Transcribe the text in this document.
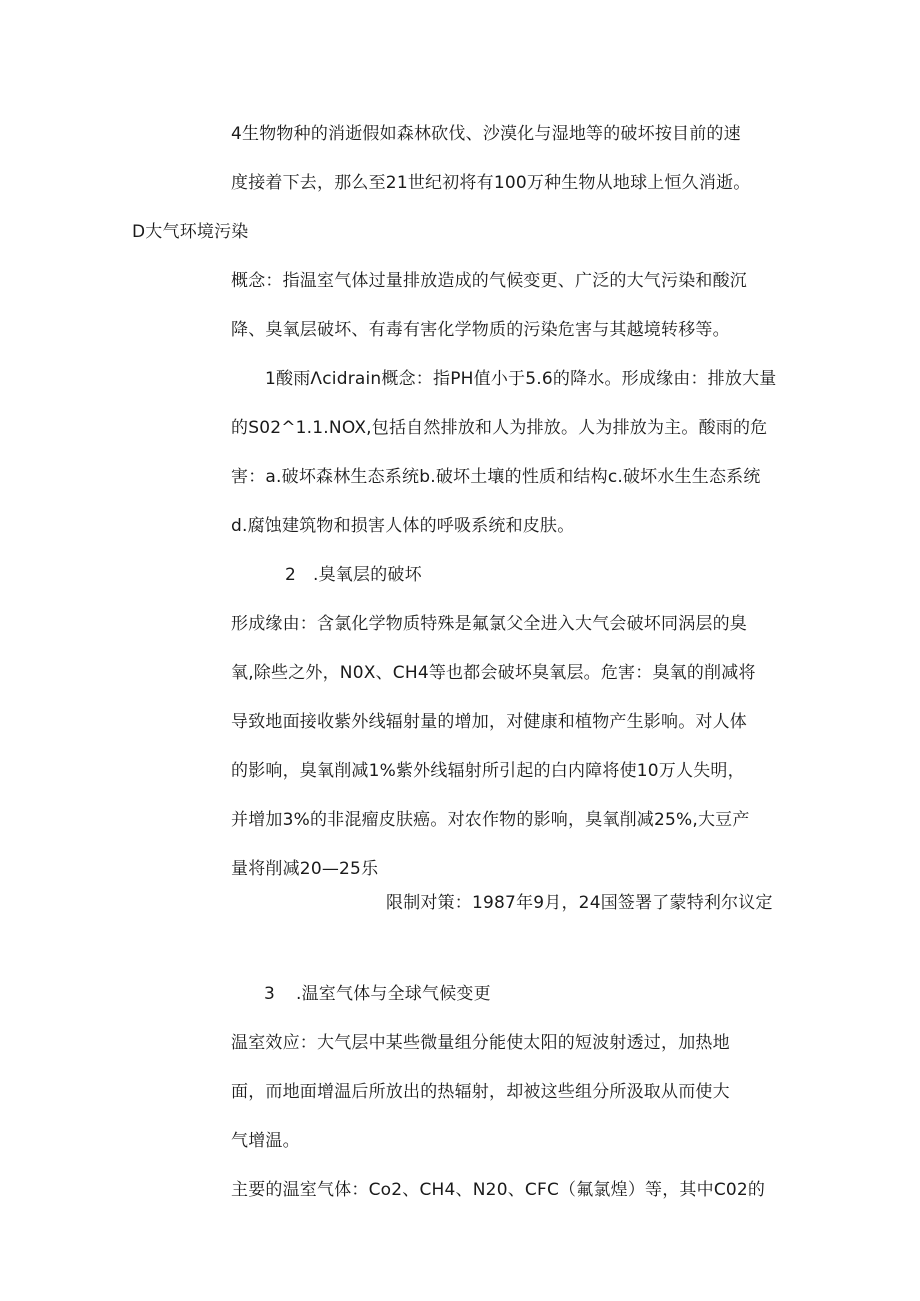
4生物物种的消逝假如森林砍伐、沙漠化与湿地等的破坏按目前的速
度接着下去，那么至21世纪初将有100万种生物从地球上恒久消逝。
D大气环境污染
概念：指温室气体过量排放造成的气候变更、广泛的大气污染和酸沉
降、臭氧层破坏、有毒有害化学物质的污染危害与其越境转移等。
1酸雨Λcidrain概念：指PH值小于5.6的降水。形成缘由：排放大量
的S02^1.1.NOX,包括自然排放和人为排放。人为排放为主。酸雨的危
害：a.破坏森林生态系统b.破坏土壤的性质和结构c.破坏水生生态系统
d.腐蚀建筑物和损害人体的呼吸系统和皮肤。
2 .臭氧层的破坏
形成缘由：含氯化学物质特殊是氟氯父全进入大气会破坏同涡层的臭
氧,除些之外，N0X、CH4等也都会破坏臭氧层。危害：臭氧的削减将
导致地面接收紫外线辐射量的增加，对健康和植物产生影响。对人体
的影响，臭氧削减1%紫外线辐射所引起的白内障将使10万人失明，
并增加3%的非混瘤皮肤癌。对农作物的影响，臭氧削减25%,大豆产
量将削减20—25乐
限制对策：1987年9月，24国签署了蒙特利尔议定
3 .温室气体与全球气候变更
温室效应：大气层中某些微量组分能使太阳的短波射透过，加热地
面，而地面增温后所放出的热辐射，却被这些组分所汲取从而使大
气增温。
主要的温室气体：Co2、CH4、N20、CFC（氟氯煌）等，其中C02的
